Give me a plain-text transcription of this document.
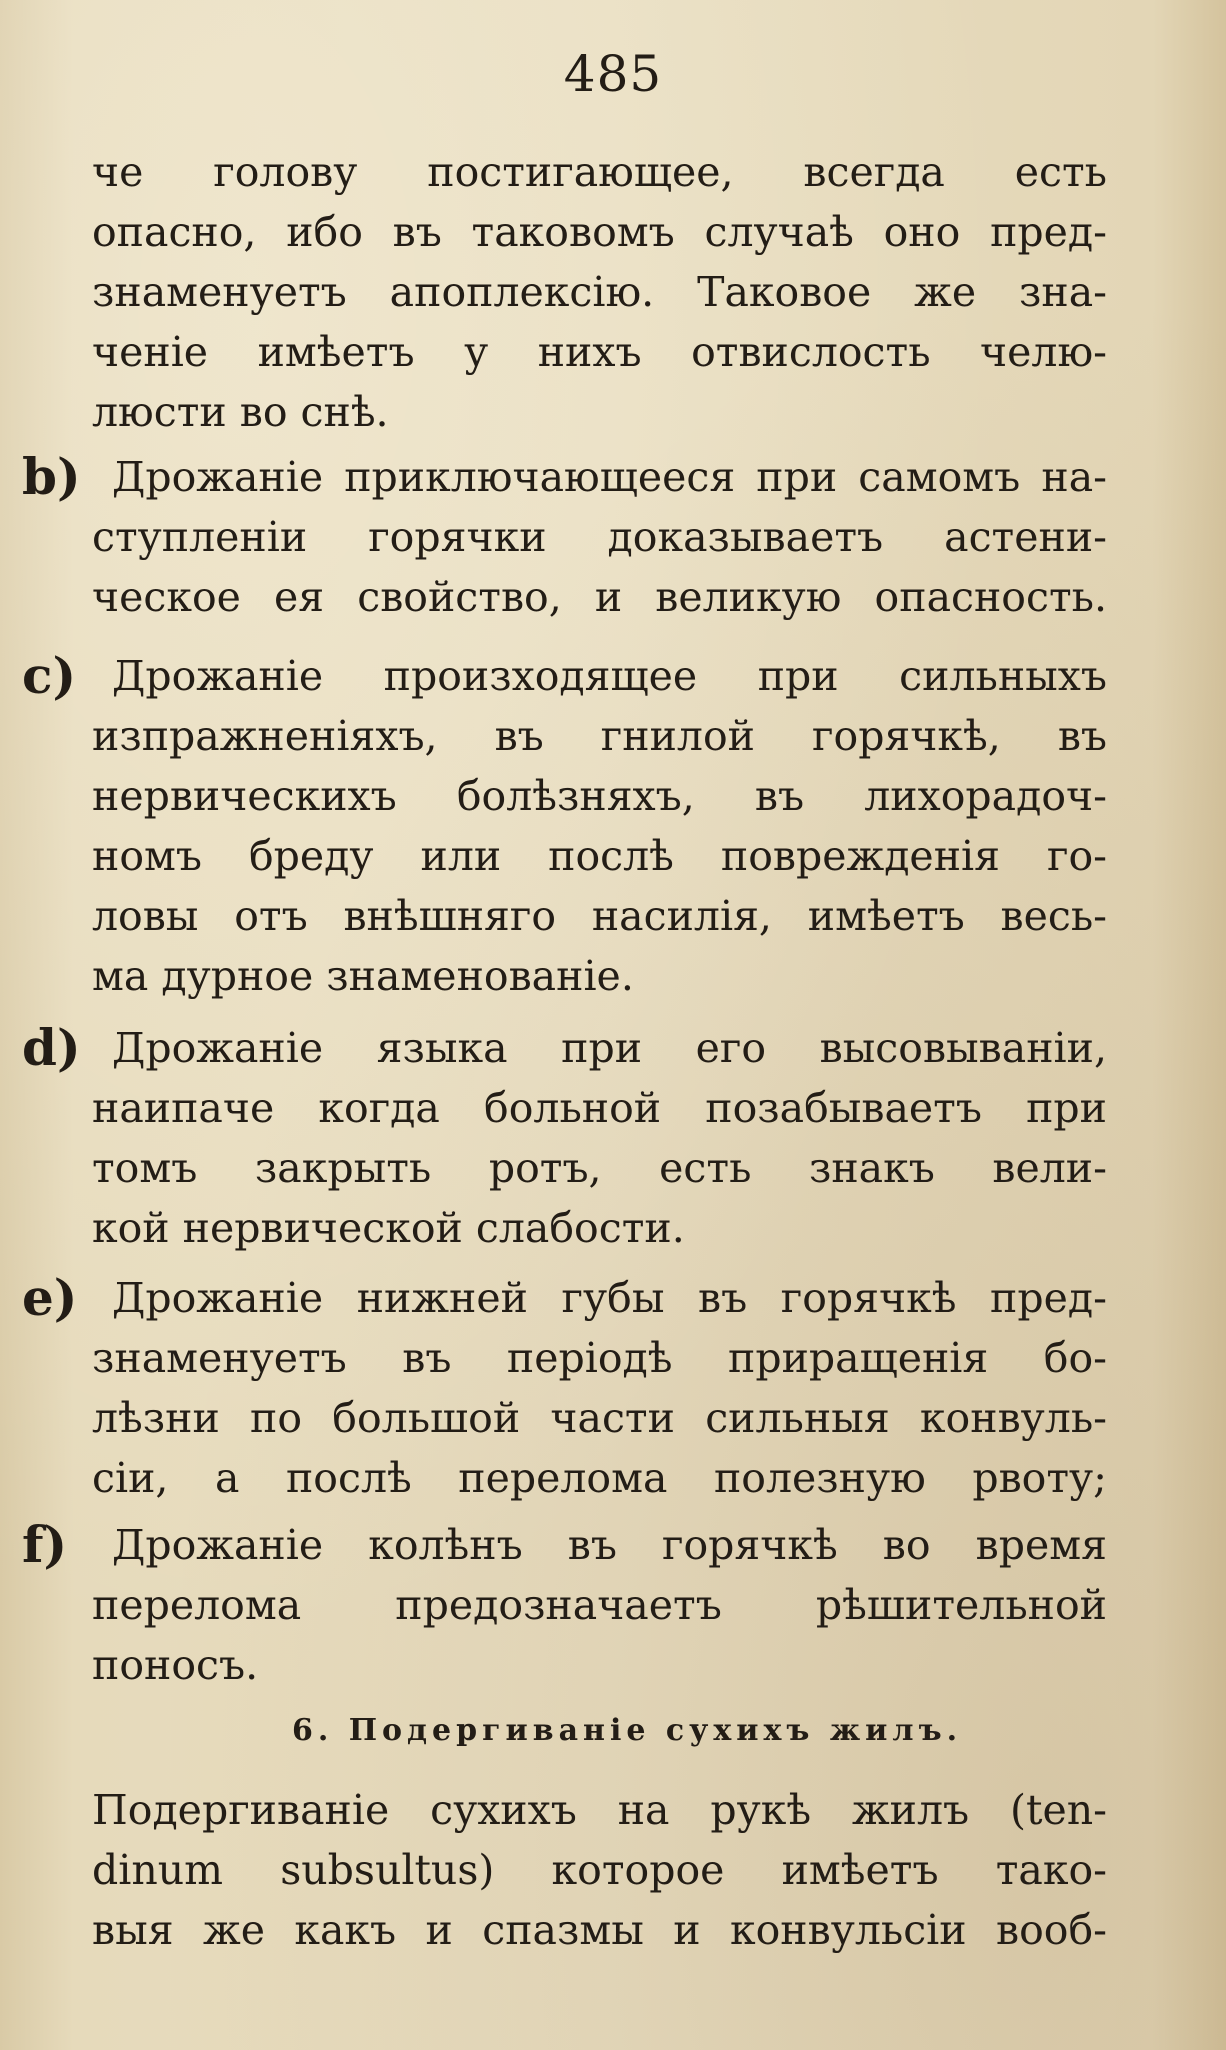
485
че голову постигающее, всегда есть
опасно, ибо въ таковомъ случаѣ оно пред-
знаменуетъ апоплексію. Таковое же зна-
ченіе имѣетъ у нихъ отвислость челю-
люсти во снѣ.
b) Дрожаніе приключающееся при самомъ на-
ступленіи горячки доказываетъ астени-
ческое ея свойство, и великую опасность.
c) Дрожаніе произходящее при сильныхъ
изпражненіяхъ, въ гнилой горячкѣ, въ
нервическихъ болѣзняхъ, въ лихорадоч-
номъ бреду или послѣ поврежденія го-
ловы отъ внѣшняго насилія, имѣетъ весь-
ма дурное знаменованіе.
d) Дрожаніе языка при его высовываніи,
наипаче когда больной позабываетъ при
томъ закрыть ротъ, есть знакъ вели-
кой нервической слабости.
e) Дрожаніе нижней губы въ горячкѣ пред-
знаменуетъ въ періодѣ приращенія бо-
лѣзни по большой части сильныя конвуль-
сіи, а послѣ перелома полезную рвоту;
f) Дрожаніе колѣнъ въ горячкѣ во время
перелома предозначаетъ рѣшительной
поносъ.
6. Подергиваніе сухихъ жилъ.
Подергиваніе сухихъ на рукѣ жилъ (ten-
dinum subsultus) которое имѣетъ тако-
выя же какъ и спазмы и конвульсіи вооб-
